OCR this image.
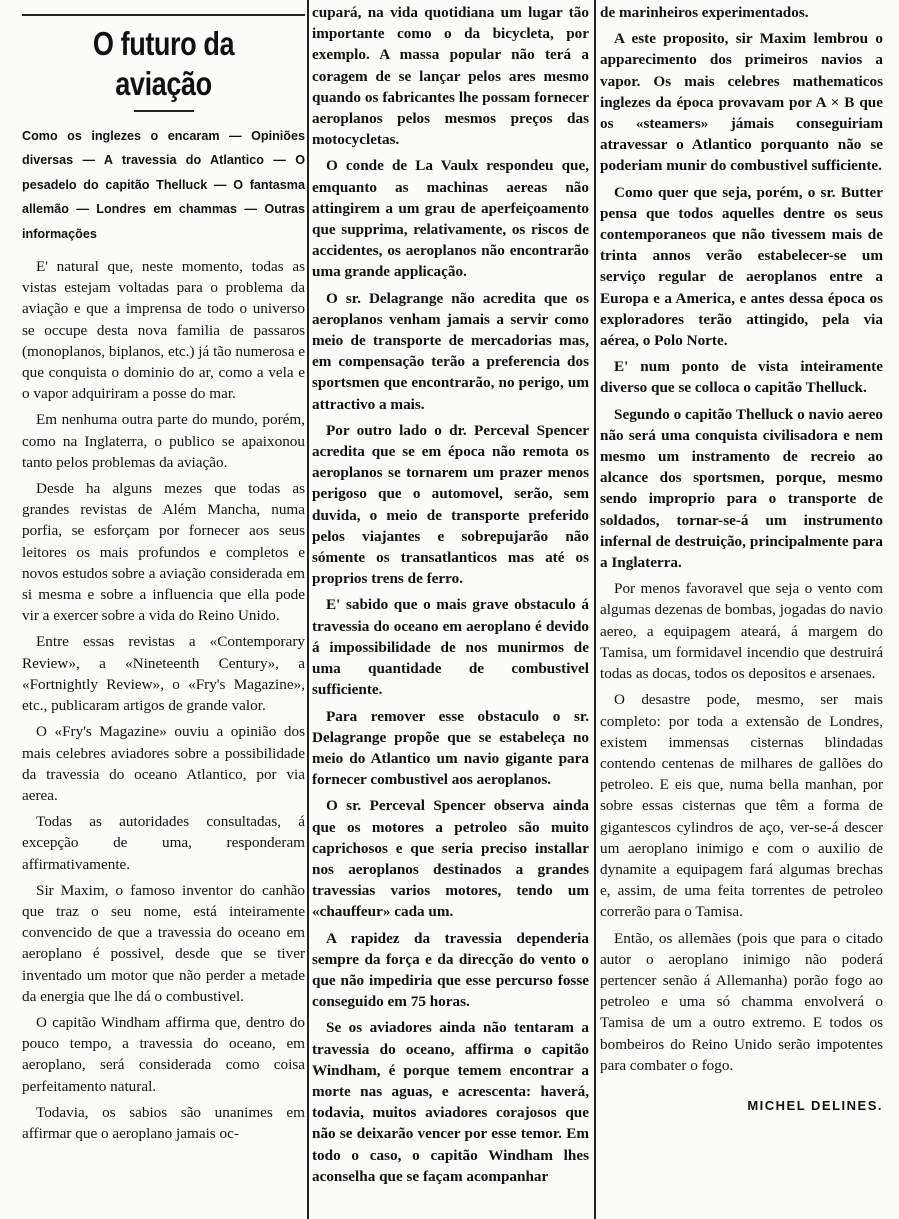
O futuro da aviação
Como os inglezes o encaram — Opiniões diversas — A travessia do Atlantico — O pesadelo do capitão Thelluck — O fantasma allemão — Londres em chammas — Outras informações

E' natural que, neste momento, todas as vistas estejam voltadas para o problema da aviação e que a imprensa de todo o universo se occupe desta nova familia de passaros (monoplanos, biplanos, etc.) já tão numerosa e que conquista o dominio do ar, como a vela e o vapor adquiriram a posse do mar.

Em nenhuma outra parte do mundo, porém, como na Inglaterra, o publico se apaixonou tanto pelos problemas da aviação.

Desde ha alguns mezes que todas as grandes revistas de Além Mancha, numa porfia, se esforçam por fornecer aos seus leitores os mais profundos e completos e novos estudos sobre a aviação considerada em si mesma e sobre a influencia que ella pode vir a exercer sobre a vida do Reino Unido.

Entre essas revistas a «Contemporary Review», a «Nineteenth Century», a «Fortnightly Review», o «Fry's Magazine», etc., publicaram artigos de grande valor.

O «Fry's Magazine» ouviu a opinião dos mais celebres aviadores sobre a possibilidade da travessia do oceano Atlantico, por via aerea.

Todas as autoridades consultadas, á excepção de uma, responderam affirmativamente.

Sir Maxim, o famoso inventor do canhão que traz o seu nome, está inteiramente convencido de que a travessia do oceano em aeroplano é possivel, desde que se tiver inventado um motor que não perder a metade da energia que lhe dá o combustivel.

O capitão Windham affirma que, dentro do pouco tempo, a travessia do oceano, em aeroplano, será considerada como coisa perfeitamento natural.

Todavia, os sabios são unanimes em affirmar que o aeroplano jamais oc-

cupará, na vida quotidiana um lugar tão importante como o da bicycleta, por exemplo. A massa popular não terá a coragem de se lançar pelos ares mesmo quando os fabricantes lhe possam fornecer aeroplanos pelos mesmos preços das motocycletas.

O conde de La Vaulx respondeu que, emquanto as machinas aereas não attingirem a um grau de aperfeiçoamento que supprima, relativamente, os riscos de accidentes, os aeroplanos não encontrarão uma grande applicação.

O sr. Delagrange não acredita que os aeroplanos venham jamais a servir como meio de transporte de mercadorias mas, em compensação terão a preferencia dos sportsmen que encontrarão, no perigo, um attractivo a mais.

Por outro lado o dr. Perceval Spencer acredita que se em época não remota os aeroplanos se tornarem um prazer menos perigoso que o automovel, serão, sem duvida, o meio de transporte preferido pelos viajantes e sobrepujarão não sómente os transatlanticos mas até os proprios trens de ferro.

E' sabido que o mais grave obstaculo á travessia do oceano em aeroplano é devido á impossibilidade de nos munirmos de uma quantidade de combustivel sufficiente.

Para remover esse obstaculo o sr. Delagrange propõe que se estabeleça no meio do Atlantico um navio gigante para fornecer combustivel aos aeroplanos.

O sr. Perceval Spencer observa ainda que os motores a petroleo são muito caprichosos e que seria preciso installar nos aeroplanos destinados a grandes travessias varios motores, tendo um «chauffeur» cada um.

A rapidez da travessia dependeria sempre da força e da direcção do vento o que não impediria que esse percurso fosse conseguido em 75 horas.

Se os aviadores ainda não tentaram a travessia do oceano, affirma o capitão Windham, é porque temem encontrar a morte nas aguas, e acrescenta: haverá, todavia, muitos aviadores corajosos que não se deixarão vencer por esse temor. Em todo o caso, o capitão Windham lhes aconselha que se façam acompanhar

de marinheiros experimentados.

A este proposito, sir Maxim lembrou o apparecimento dos primeiros navios a vapor. Os mais celebres mathematicos inglezes da época provavam por A × B que os «steamers» jámais conseguiriam atravessar o Atlantico porquanto não se poderiam munir do combustivel sufficiente.

Como quer que seja, porém, o sr. Butter pensa que todos aquelles dentre os seus contemporaneos que não tivessem mais de trinta annos verão estabelecer-se um serviço regular de aeroplanos entre a Europa e a America, e antes dessa época os exploradores terão attingido, pela via aérea, o Polo Norte.

E' num ponto de vista inteiramente diverso que se colloca o capitão Thelluck.

Segundo o capitão Thelluck o navio aereo não será uma conquista civilisadora e nem mesmo um instramento de recreio ao alcance dos sportsmen, porque, mesmo sendo improprio para o transporte de soldados, tornar-se-á um instrumento infernal de destruição, principalmente para a Inglaterra.

Por menos favoravel que seja o vento com algumas dezenas de bombas, jogadas do navio aereo, a equipagem ateará, á margem do Tamisa, um formidavel incendio que destruirá todas as docas, todos os depositos e arsenaes.

O desastre pode, mesmo, ser mais completo: por toda a extensão de Londres, existem immensas cisternas blindadas contendo centenas de milhares de gallões do petroleo. E eis que, numa bella manhan, por sobre essas cisternas que têm a forma de gigantescos cylindros de aço, ver-se-á descer um aeroplano inimigo e com o auxilio de dynamite a equipagem fará algumas brechas e, assim, de uma feita torrentes de petroleo correrão para o Tamisa.

Então, os allemães (pois que para o citado autor o aeroplano inimigo não poderá pertencer senão á Allemanha) porão fogo ao petroleo e uma só chamma envolverá o Tamisa de um a outro extremo. E todos os bombeiros do Reino Unido serão impotentes para combater o fogo.

MICHEL DELINES.
